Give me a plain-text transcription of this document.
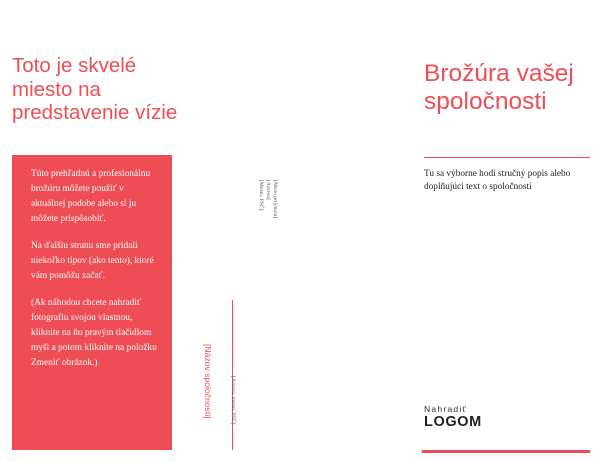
Toto je skvelé miesto na predstavenie vízie

Túto prehľadnú a profesionálnu brožúru môžete použiť v aktuálnej podobe alebo si ju môžete prispôsobiť.

Na ďalšiu stranu sme pridali niekoľko tipov (ako tento), ktoré vám pomôžu začať.

(Ak náhodou chcete nahradiť fotografiu svojou vlastnou, kliknite na ňu pravým tlačidlom myši a potom kliknite na položku Zmeniť obrázok.)

[Meno príjemcu]
[Adresa]
[Mesto, PSČ]
[Názov spoločnosti]	[Adresa, mesto, PSČ]
Brožúra vašej spoločnosti

Tu sa výborne hodí stručný popis alebo doplňujúci text o spoločnosti

Nahradiť
LOGOM
